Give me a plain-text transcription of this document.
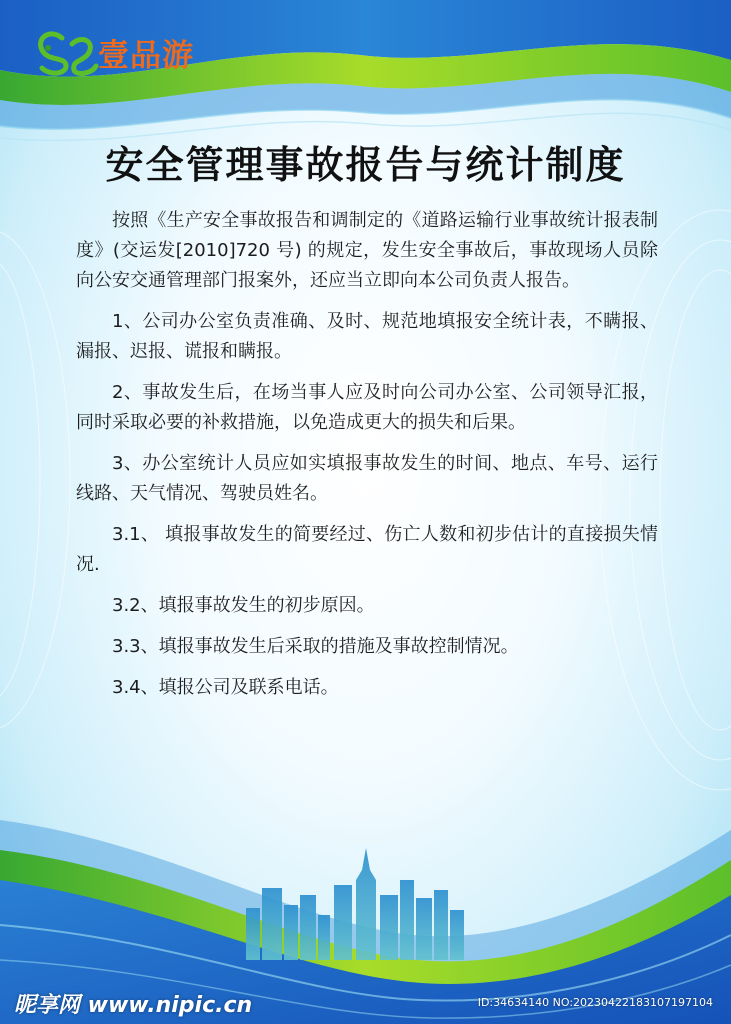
壹品游
安全管理事故报告与统计制度

按照《生产安全事故报告和调制定的《道路运输行业事故统计报表制度》(交运发[2010]720 号) 的规定，发生安全事故后，事故现场人员除向公安交通管理部门报案外，还应当立即向本公司负责人报告。

1、公司办公室负责准确、及时、规范地填报安全统计表，不瞒报、漏报、迟报、谎报和瞒报。

2、事故发生后，在场当事人应及时向公司办公室、公司领导汇报，同时采取必要的补救措施，以免造成更大的损失和后果。

3、办公室统计人员应如实填报事故发生的时间、地点、车号、运行线路、天气情况、驾驶员姓名。

3.1、 填报事故发生的简要经过、伤亡人数和初步估计的直接损失情况.

3.2、填报事故发生的初步原因。

3.3、填报事故发生后采取的措施及事故控制情况。

3.4、填报公司及联系电话。

昵享网 www.nipic.cn	ID:34634140 NO:20230422183107197104
